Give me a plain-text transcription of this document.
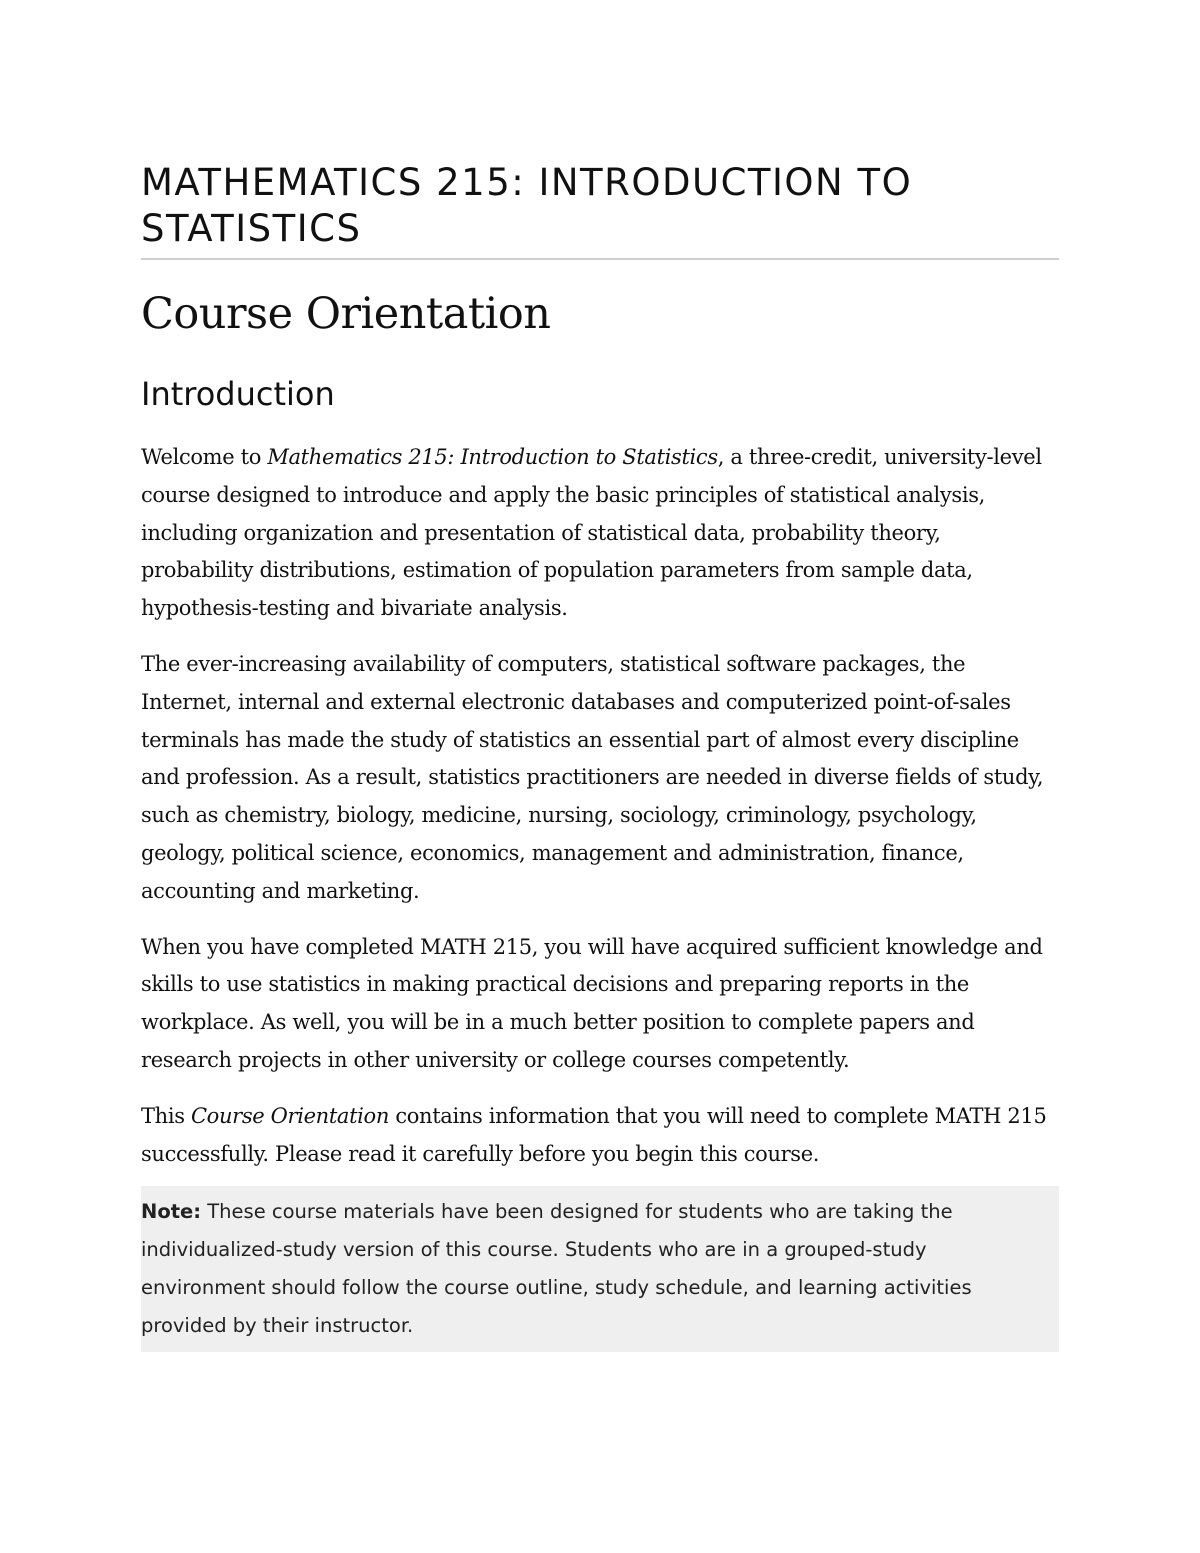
MATHEMATICS 215: INTRODUCTION TO STATISTICS
Course Orientation
Introduction

Welcome to Mathematics 215: Introduction to Statistics, a three-credit, university-level course designed to introduce and apply the basic principles of statistical analysis, including organization and presentation of statistical data, probability theory, probability distributions, estimation of population parameters from sample data, hypothesis-testing and bivariate analysis.

The ever-increasing availability of computers, statistical software packages, the Internet, internal and external electronic databases and computerized point-of-sales terminals has made the study of statistics an essential part of almost every discipline and profession. As a result, statistics practitioners are needed in diverse fields of study, such as chemistry, biology, medicine, nursing, sociology, criminology, psychology, geology, political science, economics, management and administration, finance, accounting and marketing.

When you have completed MATH 215, you will have acquired sufficient knowledge and skills to use statistics in making practical decisions and preparing reports in the workplace. As well, you will be in a much better position to complete papers and research projects in other university or college courses competently.

This Course Orientation contains information that you will need to complete MATH 215 successfully. Please read it carefully before you begin this course.

Note: These course materials have been designed for students who are taking the individualized-study version of this course. Students who are in a grouped-study environment should follow the course outline, study schedule, and learning activities provided by their instructor.
